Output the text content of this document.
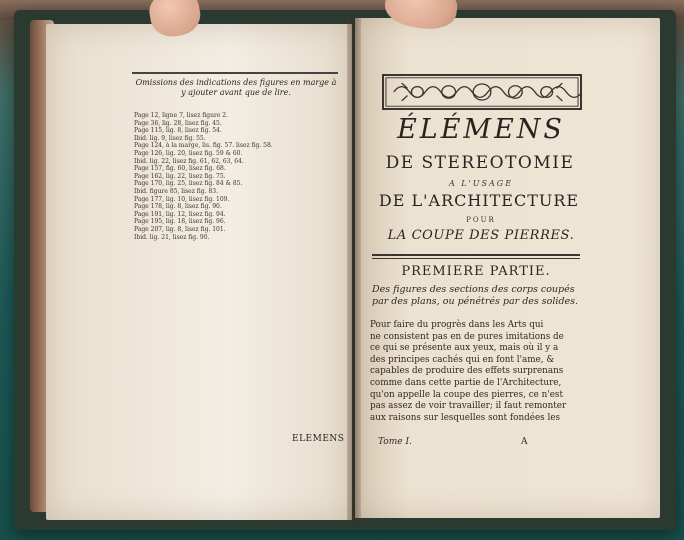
Omissions des indications des figures en marge à y ajouter avant que de lire.
Page 12, ligne 7, lisez figure 2.
Page 36, lig. 28, lisez fig. 45.
Page 115, lig. 8, lisez fig. 54.
Ibid. lig. 9, lisez fig. 55.
Page 124, à la marge, lis. fig. 57. lisez fig. 58.
Page 126, lig. 20, lisez fig. 59 & 60.
Ibid. lig. 22, lisez fig. 61, 62, 63, 64.
Page 157, fig. 60, lisez fig. 68.
Page 162, lig. 22, lisez fig. 75.
Page 170, lig. 25, lisez fig. 84 & 85.
Ibid. figure 85, lisez fig. 83.
Page 177, lig. 10, lisez fig. 109.
Page 178, lig. 8, lisez fig. 90.
Page 191, lig. 12, lisez fig. 94.
Page 195, lig. 18, lisez fig. 96.
Page 207, lig. 8, lisez fig. 101.
Ibid. lig. 21, lisez fig. 90.
ELEMENS
ÉLÉMENS
DE STEREOTOMIE
A L'USAGE
DE L'ARCHITECTURE
POUR
LA COUPE DES PIERRES.
PREMIERE PARTIE.
Des figures des sections des corps coupés par des plans, ou pénétrés par des solides.
Pour faire du progrès dans les Arts qui
ne consistent pas en de pures imitations de
ce qui se présente aux yeux, mais où il y a
des principes cachés qui en font l'ame, &
capables de produire des effets surprenans
comme dans cette partie de l'Architecture,
qu'on appelle la coupe des pierres, ce n'est
pas assez de voir travailler; il faut remonter
aux raisons sur lesquelles sont fondées les
Tome I.	A
